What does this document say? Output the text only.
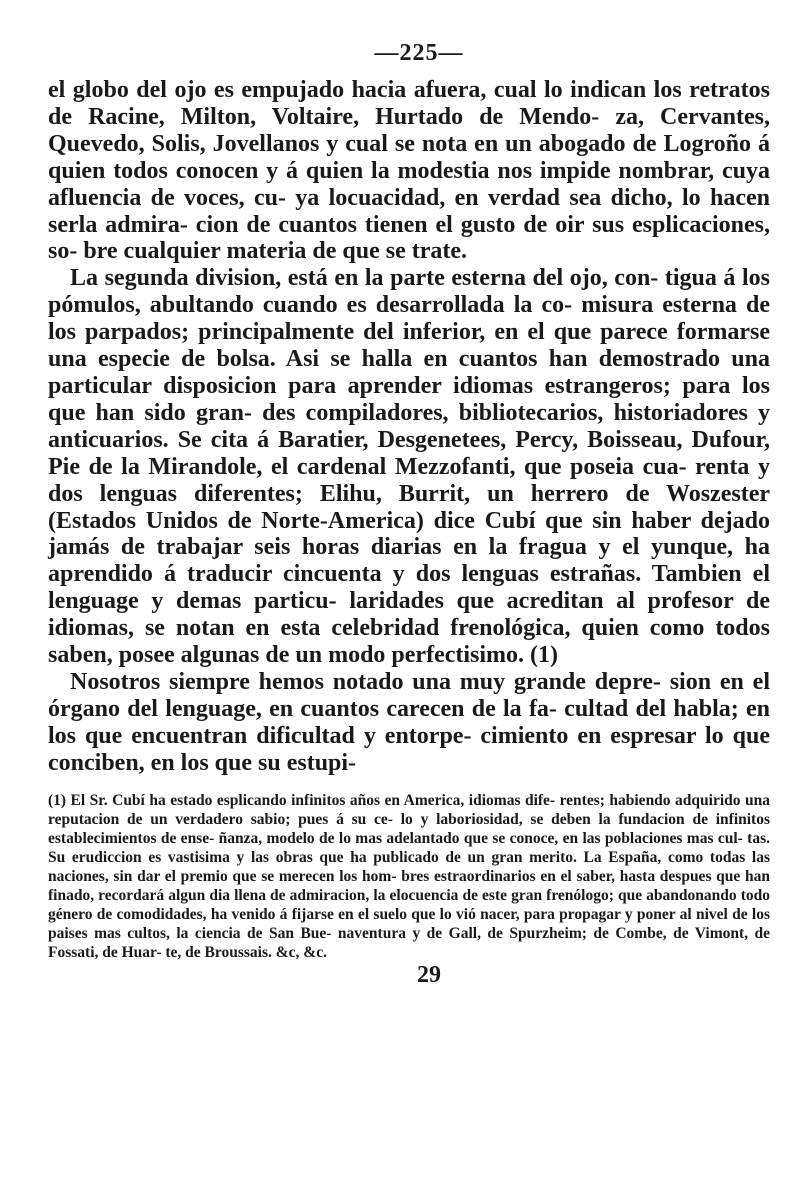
—225—

el globo del ojo es empujado hacia afuera, cual lo indican los retratos de Racine, Milton, Voltaire, Hurtado de Mendo- za, Cervantes, Quevedo, Solis, Jovellanos y cual se nota en un abogado de Logroño á quien todos conocen y á quien la modestia nos impide nombrar, cuya afluencia de voces, cu- ya locuacidad, en verdad sea dicho, lo hacen serla admira- cion de cuantos tienen el gusto de oir sus esplicaciones, so- bre cualquier materia de que se trate.

La segunda division, está en la parte esterna del ojo, con- tigua á los pómulos, abultando cuando es desarrollada la co- misura esterna de los parpados; principalmente del inferior, en el que parece formarse una especie de bolsa. Asi se halla en cuantos han demostrado una particular disposicion para aprender idiomas estrangeros; para los que han sido gran- des compiladores, bibliotecarios, historiadores y anticuarios. Se cita á Baratier, Desgenetees, Percy, Boisseau, Dufour, Pie de la Mirandole, el cardenal Mezzofanti, que poseia cua- renta y dos lenguas diferentes; Elihu, Burrit, un herrero de Woszester (Estados Unidos de Norte-America) dice Cubí que sin haber dejado jamás de trabajar seis horas diarias en la fragua y el yunque, ha aprendido á traducir cincuenta y dos lenguas estrañas. Tambien el lenguage y demas particu- laridades que acreditan al profesor de idiomas, se notan en esta celebridad frenológica, quien como todos saben, posee algunas de un modo perfectisimo. (1)

Nosotros siempre hemos notado una muy grande depre- sion en el órgano del lenguage, en cuantos carecen de la fa- cultad del habla; en los que encuentran dificultad y entorpe- cimiento en espresar lo que conciben, en los que su estupi-

(1) El Sr. Cubí ha estado esplicando infinitos años en America, idiomas dife- rentes; habiendo adquirido una reputacion de un verdadero sabio; pues á su ce- lo y laboriosidad, se deben la fundacion de infinitos establecimientos de ense- ñanza, modelo de lo mas adelantado que se conoce, en las poblaciones mas cul- tas. Su erudiccion es vastisima y las obras que ha publicado de un gran merito. La España, como todas las naciones, sin dar el premio que se merecen los hom- bres estraordinarios en el saber, hasta despues que han finado, recordará algun dia llena de admiracion, la elocuencia de este gran frenólogo; que abandonando todo género de comodidades, ha venido á fijarse en el suelo que lo vió nacer, para propagar y poner al nivel de los paises mas cultos, la ciencia de San Bue- naventura y de Gall, de Spurzheim; de Combe, de Vimont, de Fossati, de Huar- te, de Broussais. &c, &c.

29
